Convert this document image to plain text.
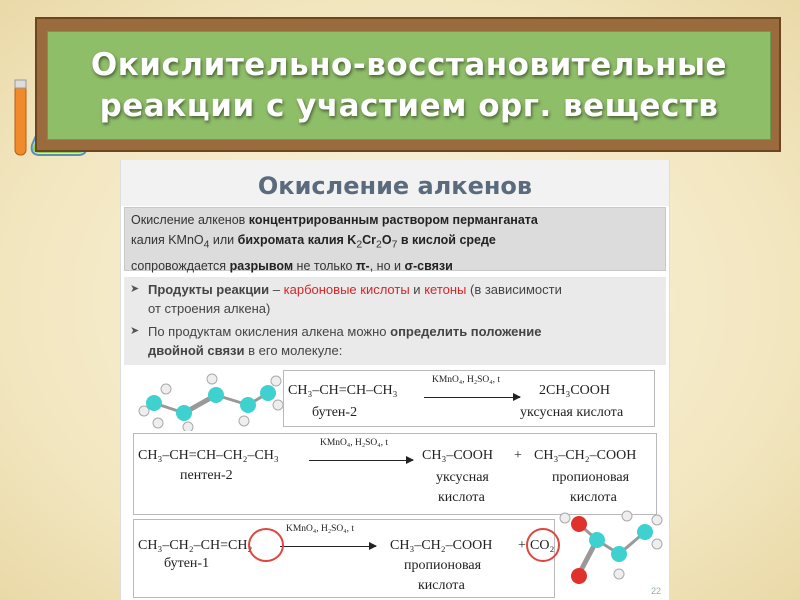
Окислительно-восстановительные
реакции с участием орг. веществ
Окисление алкенов
Окисление алкенов концентрированным раствором перманганата
калия KMnO$_4$ или бихромата калия $K_2Cr_2O_7$ в кислой среде
сопровождается разрывом не только π-, но и σ-связи
➤ Продукты реакции – карбоновые кислоты и кетоны (в зависимости
от строения алкена)
➤ По продуктам окисления алкена можно определить положение
двойной связи в его молекуле:
CH₃–CH=CH–CH₃
бутен-2
KMnO₄, H₂SO₄, t
2CH₃COOH
уксусная кислота
CH₃–CH=CH–CH₂–CH₃
пентен-2
KMnO₄, H₂SO₄, t
CH₃–COOH + CH₃–CH₂–COOH
уксусная
кислота
пропионовая
кислота
CH₃–CH₂–CH=CH₂
бутен-1
KMnO₄, H₂SO₄, t
CH₃–CH₂–COOH + CO₂
пропионовая
кислота	22
